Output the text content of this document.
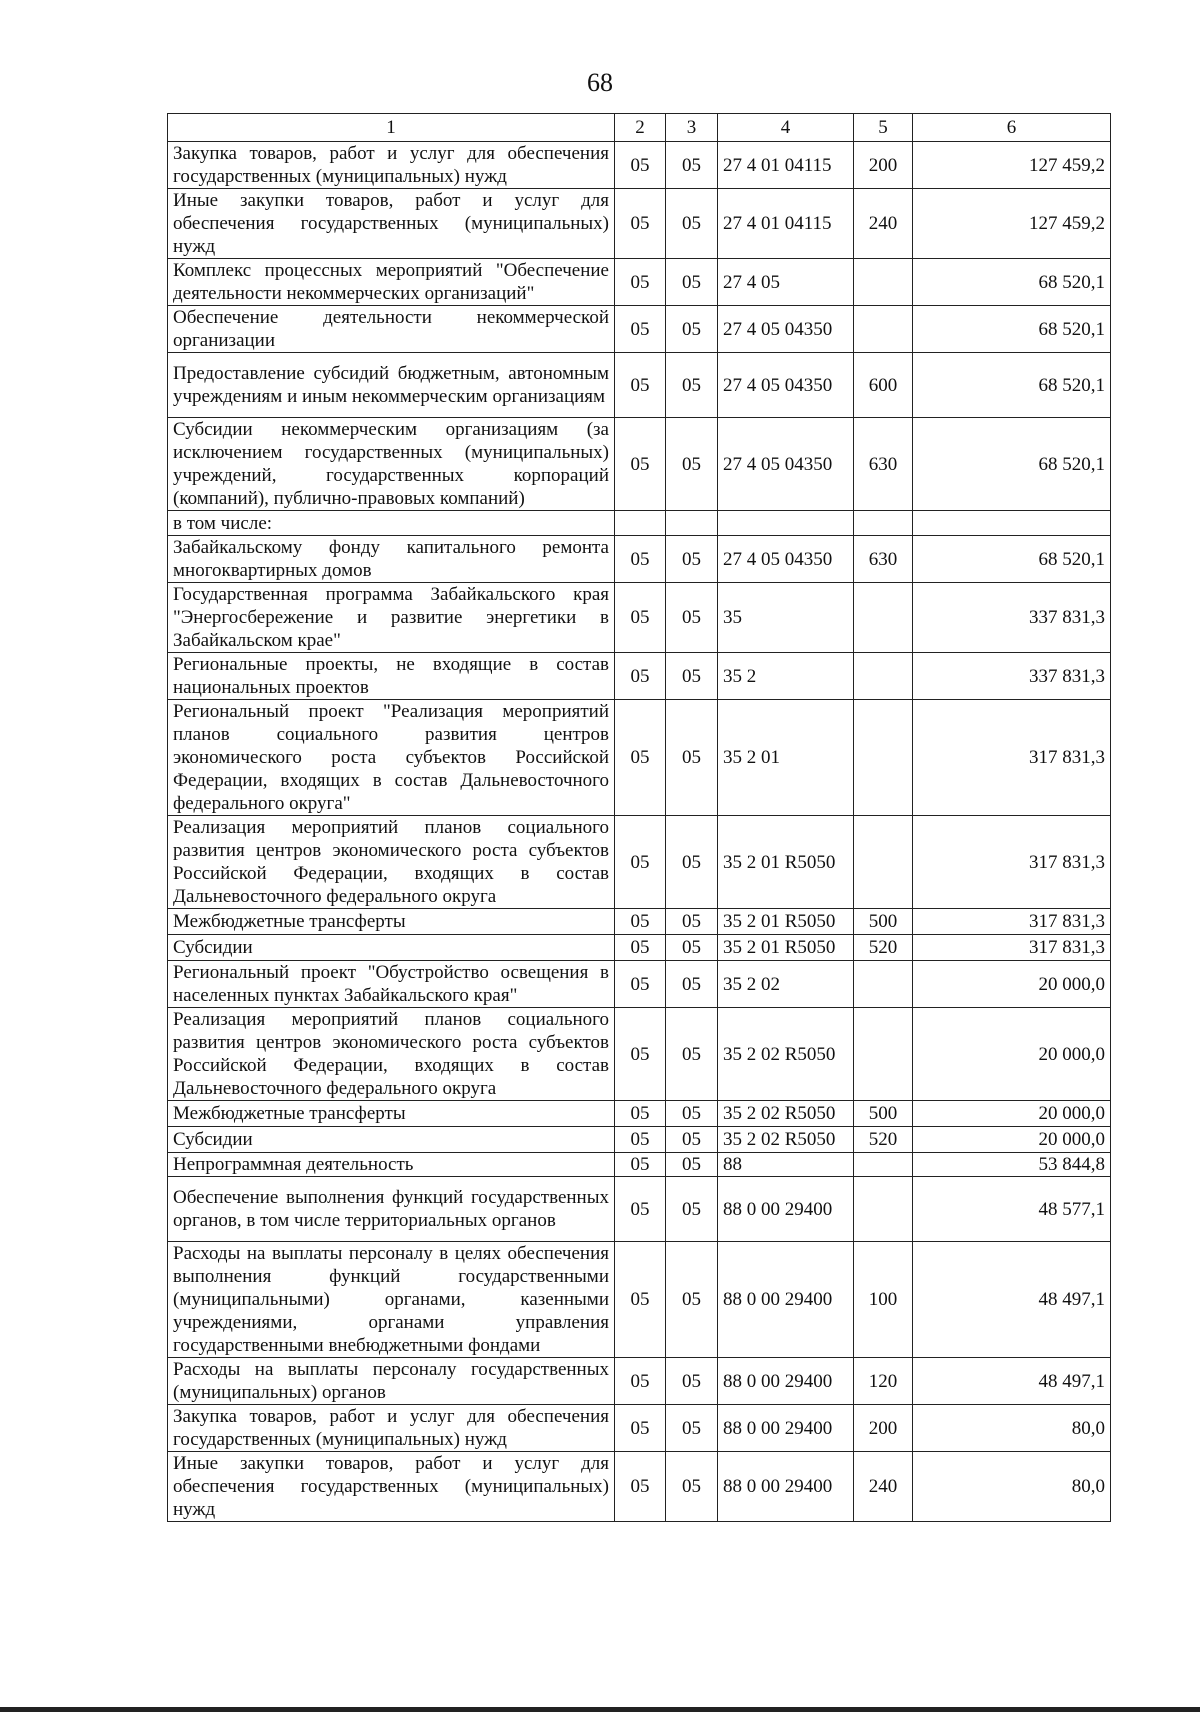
68
1	2	3	4	5	6
Закупка товаров, работ и услуг для обеспечения государственных (муниципальных) нужд	05	05	27 4 01 04115	200	127 459,2
Иные закупки товаров, работ и услуг для обеспечения государственных (муниципальных) нужд	05	05	27 4 01 04115	240	127 459,2
Комплекс процессных мероприятий "Обеспечение деятельности некоммерческих организаций"	05	05	27 4 05		68 520,1
Обеспечение деятельности некоммерческой организации	05	05	27 4 05 04350		68 520,1
Предоставление субсидий бюджетным, автономным учреждениям и иным некоммерческим организациям	05	05	27 4 05 04350	600	68 520,1
Субсидии некоммерческим организациям (за исключением государственных (муниципальных) учреждений, государственных корпораций (компаний), публично-правовых компаний)	05	05	27 4 05 04350	630	68 520,1
в том числе:					
Забайкальскому фонду капитального ремонта многоквартирных домов	05	05	27 4 05 04350	630	68 520,1
Государственная программа Забайкальского края "Энергосбережение и развитие энергетики в Забайкальском крае"	05	05	35		337 831,3
Региональные проекты, не входящие в состав национальных проектов	05	05	35 2		337 831,3
Региональный проект "Реализация мероприятий планов социального развития центров экономического роста субъектов Российской Федерации, входящих в состав Дальневосточного федерального округа"	05	05	35 2 01		317 831,3
Реализация мероприятий планов социального развития центров экономического роста субъектов Российской Федерации, входящих в состав Дальневосточного федерального округа	05	05	35 2 01 R5050		317 831,3
Межбюджетные трансферты	05	05	35 2 01 R5050	500	317 831,3
Субсидии	05	05	35 2 01 R5050	520	317 831,3
Региональный проект "Обустройство освещения в населенных пунктах Забайкальского края"	05	05	35 2 02		20 000,0
Реализация мероприятий планов социального развития центров экономического роста субъектов Российской Федерации, входящих в состав Дальневосточного федерального округа	05	05	35 2 02 R5050		20 000,0
Межбюджетные трансферты	05	05	35 2 02 R5050	500	20 000,0
Субсидии	05	05	35 2 02 R5050	520	20 000,0
Непрограммная деятельность	05	05	88		53 844,8
Обеспечение выполнения функций государственных органов, в том числе территориальных органов	05	05	88 0 00 29400		48 577,1
Расходы на выплаты персоналу в целях обеспечения выполнения функций государственными (муниципальными) органами, казенными учреждениями, органами управления государственными внебюджетными фондами	05	05	88 0 00 29400	100	48 497,1
Расходы на выплаты персоналу государственных (муниципальных) органов	05	05	88 0 00 29400	120	48 497,1
Закупка товаров, работ и услуг для обеспечения государственных (муниципальных) нужд	05	05	88 0 00 29400	200	80,0
Иные закупки товаров, работ и услуг для обеспечения государственных (муниципальных) нужд	05	05	88 0 00 29400	240	80,0
